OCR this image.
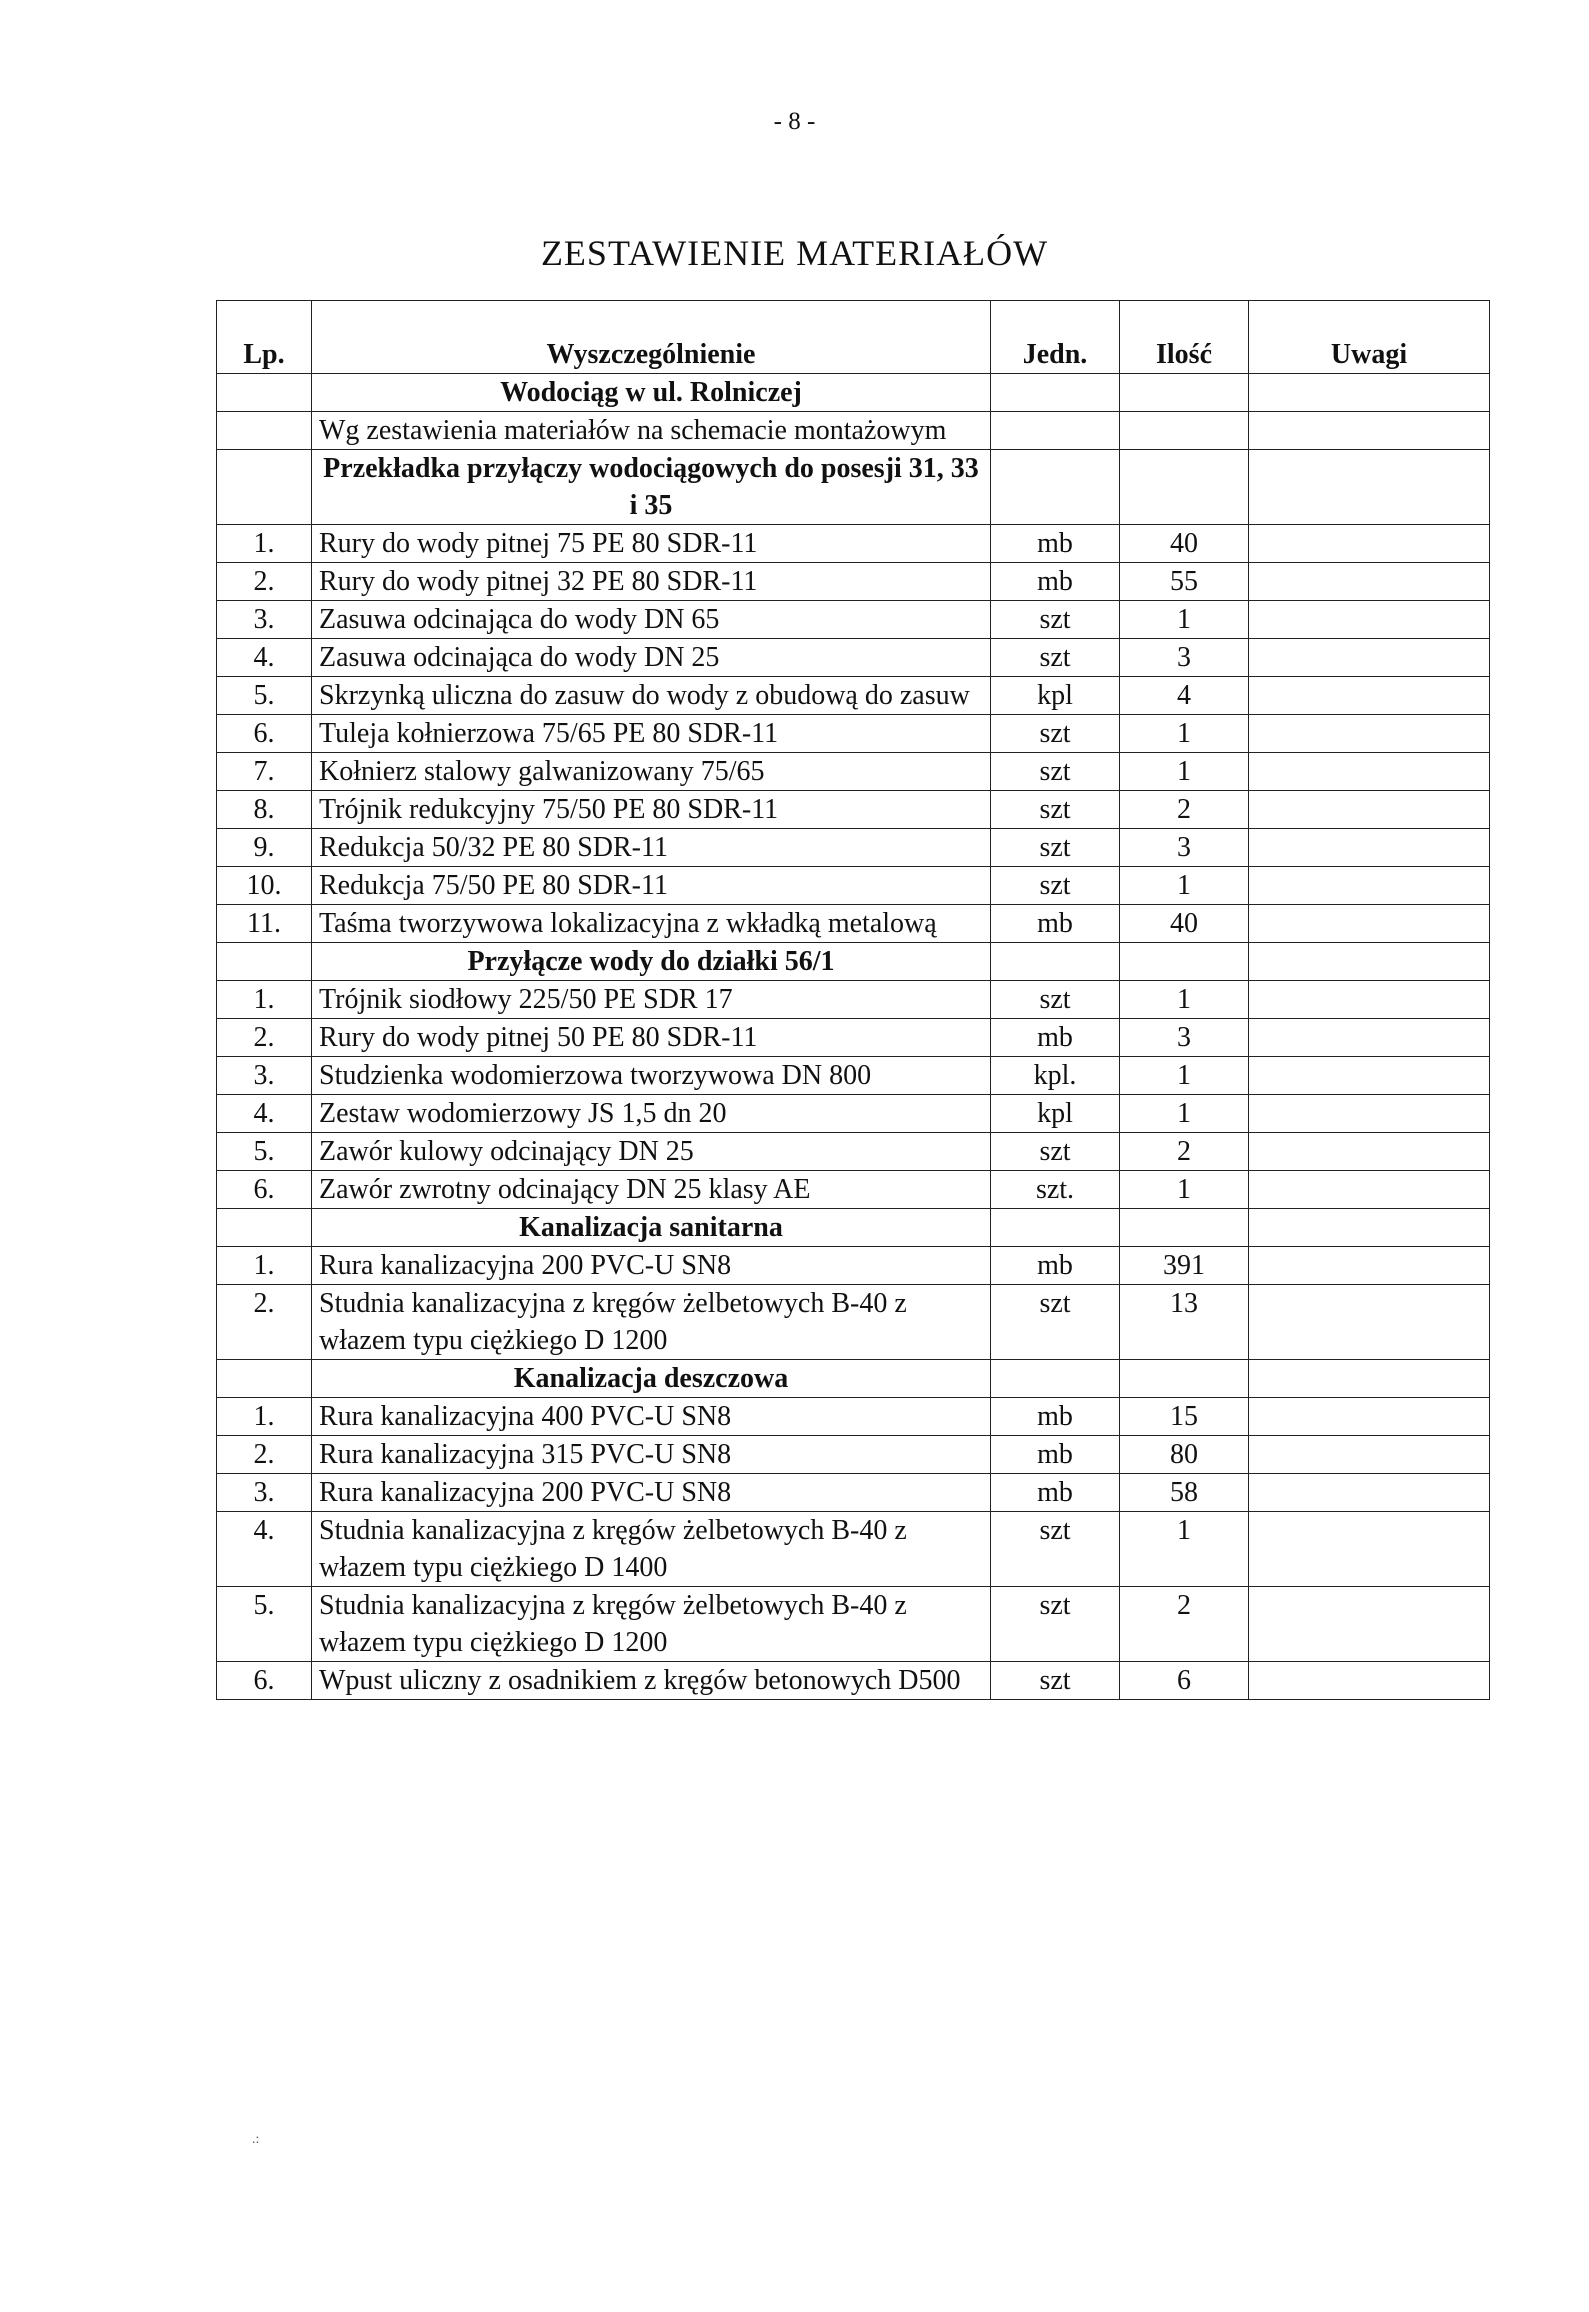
- 8 -
ZESTAWIENIE MATERIAŁÓW
Lp.	Wyszczególnienie	Jedn.	Ilość	Uwagi
	Wodociąg w ul. Rolniczej			
	Wg zestawienia materiałów na schemacie montażowym			
	Przekładka przyłączy wodociągowych do posesji 31, 33 i 35			
1.	Rury do wody pitnej 75 PE 80 SDR-11	mb	40	
2.	Rury do wody pitnej 32 PE 80 SDR-11	mb	55	
3.	Zasuwa odcinająca do wody DN 65	szt	1	
4.	Zasuwa odcinająca do wody DN 25	szt	3	
5.	Skrzynką uliczna do zasuw do wody z obudową do zasuw	kpl	4	
6.	Tuleja kołnierzowa 75/65 PE 80 SDR-11	szt	1	
7.	Kołnierz stalowy galwanizowany 75/65	szt	1	
8.	Trójnik redukcyjny 75/50 PE 80 SDR-11	szt	2	
9.	Redukcja 50/32 PE 80 SDR-11	szt	3	
10.	Redukcja 75/50 PE 80 SDR-11	szt	1	
11.	Taśma tworzywowa lokalizacyjna z wkładką metalową	mb	40	
	Przyłącze wody do działki 56/1			
1.	Trójnik siodłowy 225/50 PE SDR 17	szt	1	
2.	Rury do wody pitnej 50 PE 80 SDR-11	mb	3	
3.	Studzienka wodomierzowa tworzywowa DN 800	kpl.	1	
4.	Zestaw wodomierzowy JS 1,5 dn 20	kpl	1	
5.	Zawór kulowy odcinający DN 25	szt	2	
6.	Zawór zwrotny odcinający DN 25 klasy AE	szt.	1	
	Kanalizacja sanitarna			
1.	Rura kanalizacyjna 200 PVC-U SN8	mb	391	
2.	Studnia kanalizacyjna z kręgów żelbetowych B-40 z włazem typu ciężkiego D 1200	szt	13	
	Kanalizacja deszczowa			
1.	Rura kanalizacyjna 400 PVC-U SN8	mb	15	
2.	Rura kanalizacyjna 315 PVC-U SN8	mb	80	
3.	Rura kanalizacyjna 200 PVC-U SN8	mb	58	
4.	Studnia kanalizacyjna z kręgów żelbetowych B-40 z włazem typu ciężkiego D 1400	szt	1	
5.	Studnia kanalizacyjna z kręgów żelbetowych B-40 z włazem typu ciężkiego D 1200	szt	2	
6.	Wpust uliczny z osadnikiem z kręgów betonowych D500	szt	6	
.:
